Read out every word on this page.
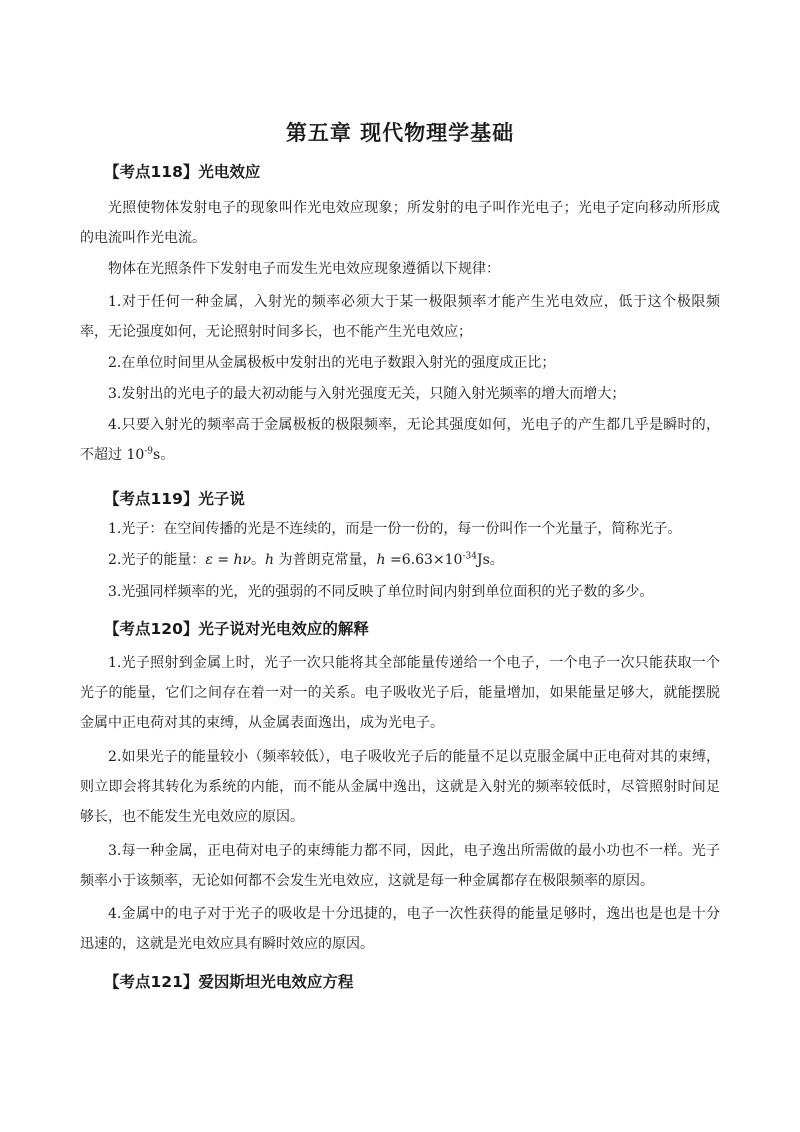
第五章 现代物理学基础
【考点118】光电效应

光照使物体发射电子的现象叫作光电效应现象；所发射的电子叫作光电子；光电子定向移动所形成的电流叫作光电流。

物体在光照条件下发射电子而发生光电效应现象遵循以下规律：

1.对于任何一种金属，入射光的频率必须大于某一极限频率才能产生光电效应，低于这个极限频率，无论强度如何，无论照射时间多长，也不能产生光电效应；

2.在单位时间里从金属极板中发射出的光电子数跟入射光的强度成正比；

3.发射出的光电子的最大初动能与入射光强度无关，只随入射光频率的增大而增大；

4.只要入射光的频率高于金属极板的极限频率，无论其强度如何，光电子的产生都几乎是瞬时的，不超过 $10^{-9}s$。

【考点119】光子说

1.光子：在空间传播的光是不连续的，而是一份一份的，每一份叫作一个光量子，简称光子。

2.光子的能量：ε = hν。h 为普朗克常量，$h =6.63\times 10^{-34}Js$。

3.光强同样频率的光，光的强弱的不同反映了单位时间内射到单位面积的光子数的多少。

【考点120】光子说对光电效应的解释

1.光子照射到金属上时，光子一次只能将其全部能量传递给一个电子，一个电子一次只能获取一个光子的能量，它们之间存在着一对一的关系。电子吸收光子后，能量增加，如果能量足够大，就能摆脱金属中正电荷对其的束缚，从金属表面逸出，成为光电子。

2.如果光子的能量较小（频率较低），电子吸收光子后的能量不足以克服金属中正电荷对其的束缚，则立即会将其转化为系统的内能，而不能从金属中逸出，这就是入射光的频率较低时，尽管照射时间足够长，也不能发生光电效应的原因。

3.每一种金属，正电荷对电子的束缚能力都不同，因此，电子逸出所需做的最小功也不一样。光子频率小于该频率，无论如何都不会发生光电效应，这就是每一种金属都存在极限频率的原因。

4.金属中的电子对于光子的吸收是十分迅捷的，电子一次性获得的能量足够时，逸出也是也是十分迅速的，这就是光电效应具有瞬时效应的原因。

【考点121】爱因斯坦光电效应方程
